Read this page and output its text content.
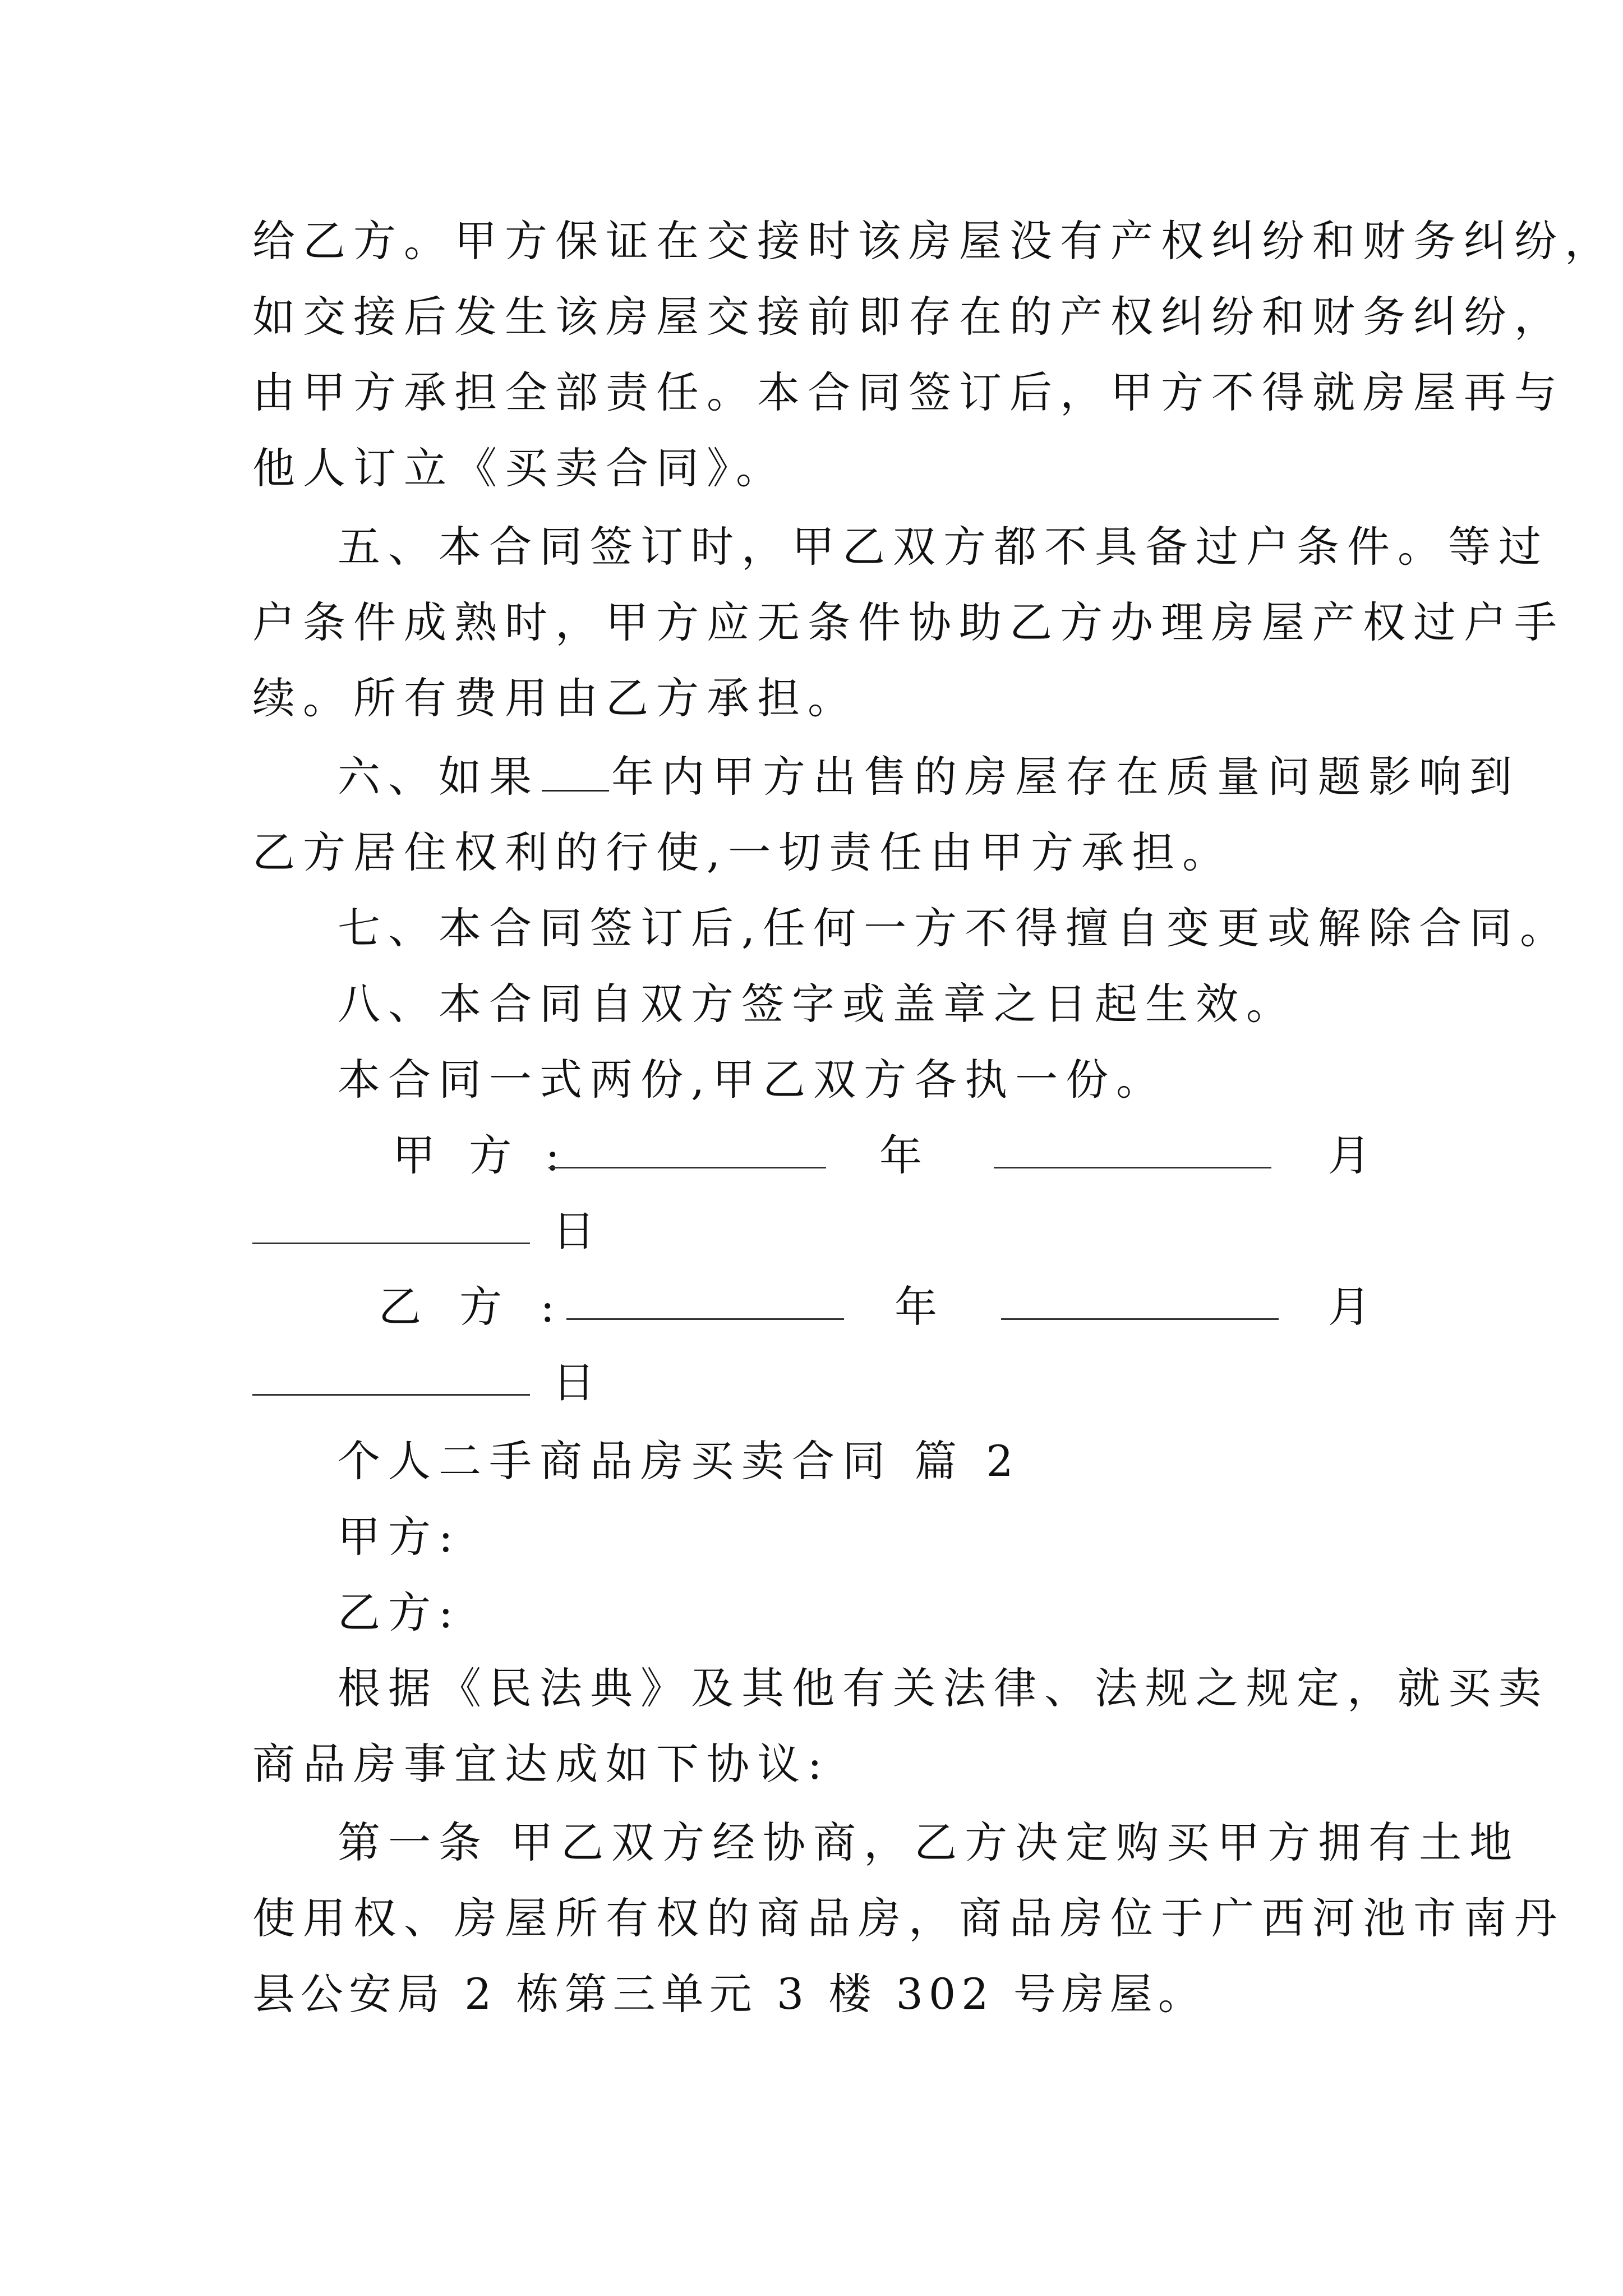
给乙方。甲方保证在交接时该房屋没有产权纠纷和财务纠纷，
如交接后发生该房屋交接前即存在的产权纠纷和财务纠纷，
由甲方承担全部责任。本合同签订后，甲方不得就房屋再与
他人订立《买卖合同》。
五、本合同签订时，甲乙双方都不具备过户条件。等过
户条件成熟时，甲方应无条件协助乙方办理房屋产权过户手
续。所有费用由乙方承担。
六、如果 年内甲方出售的房屋存在质量问题影响到
乙方居住权利的行使,一切责任由甲方承担。
七、本合同签订后,任何一方不得擅自变更或解除合同。
八、本合同自双方签字或盖章之日起生效。
本合同一式两份,甲乙双方各执一份。
甲 方 :	年	月
日
乙 方 :	年	月
日
个人二手商品房买卖合同 篇 2
甲方:
乙方:
根据《民法典》及其他有关法律、法规之规定，就买卖
商品房事宜达成如下协议:
第一条 甲乙双方经协商，乙方决定购买甲方拥有土地
使用权、房屋所有权的商品房，商品房位于广西河池市南丹
县公安局 2 栋第三单元 3 楼 302 号房屋。
